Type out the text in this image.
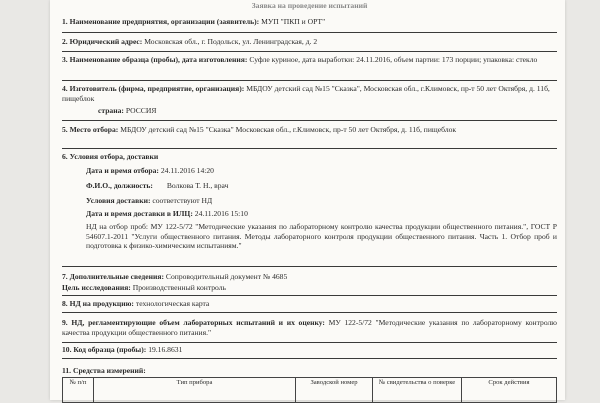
Заявка на проведение испытаний
1. Наименование предприятия, организации (заявитель): МУП "ПКП и ОРТ"
2. Юридический адрес: Московская обл., г. Подольск, ул. Ленинградская, д. 2
3. Наименование образца (пробы), дата изготовления: Суфле куриное, дата выработки: 24.11.2016, объем партии: 173 порции; упаковка: стекло
4. Изготовитель (фирма, предприятие, организация): МБДОУ детский сад №15 "Сказка", Московская обл., г.Климовск, пр-т 50 лет Октября, д. 11б, пищеблок
страна: РОССИЯ
5. Место отбора: МБДОУ детский сад №15 "Сказка" Московская обл., г.Климовск, пр-т 50 лет Октября, д. 11б, пищеблок
6. Условия отбора, доставки
Дата и время отбора: 24.11.2016 14:20
Ф.И.О., должность: Волкова Т. Н., врач
Условия доставки: соответствуют НД
Дата и время доставки в ИЛЦ: 24.11.2016 15:10
НД на отбор проб: МУ 122-5/72 "Методические указания по лабораторному контролю качества продукции общественного питания.", ГОСТ Р 54607.1-2011 "Услуги общественного питания. Методы лабораторного контроля продукции общественного питания. Часть 1. Отбор проб и подготовка к физико-химическим испытаниям."
7. Дополнительные сведения: Сопроводительный документ № 4685
Цель исследования: Производственный контроль
8. НД на продукцию: технологическая карта
9. НД, регламентирующие объем лабораторных испытаний и их оценку: МУ 122-5/72 "Методические указания по лабораторному контролю качества продукции общественного питания."
10. Код образца (пробы): 19.16.8631
11. Средства измерений:
№ п/п	Тип прибора	Заводской номер	№ свидетельства о поверке	Срок действия
